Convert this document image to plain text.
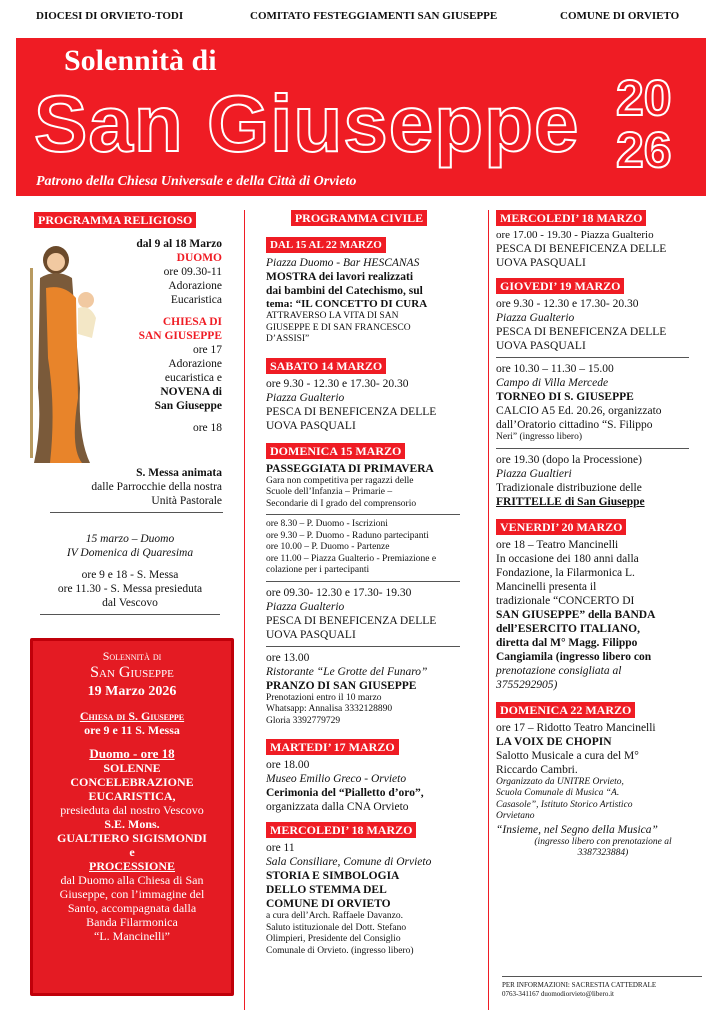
DIOCESI DI ORVIETO-TODI	COMITATO FESTEGGIAMENTI SAN GIUSEPPE	COMUNE DI ORVIETO
Solennità di
San Giuseppe 20
26
Patrono della Chiesa Universale e della Città di Orvieto
PROGRAMMA RELIGIOSO
dal 9 al 18 Marzo
DUOMO
ore 09.30-11
Adorazione
Eucaristica
CHIESA DI
SAN GIUSEPPE
ore 17
Adorazione
eucaristica e
NOVENA di
San Giuseppe
ore 18
S. Messa animata
dalle Parrocchie della nostra
Unità Pastorale
15 marzo – Duomo
IV Domenica di Quaresima
ore 9 e 18 - S. Messa
ore 11.30 - S. Messa presieduta
dal Vescovo
Solennità di
San Giuseppe
19 Marzo 2026
Chiesa di S. Giuseppe
ore 9 e 11 S. Messa
Duomo - ore 18
SOLENNE
CONCELEBRAZIONE
EUCARISTICA,
presieduta dal nostro Vescovo
S.E. Mons.
GUALTIERO SIGISMONDI
e
PROCESSIONE
dal Duomo alla Chiesa di San
Giuseppe, con l’immagine del
Santo, accompagnata dalla
Banda Filarmonica
“L. Mancinelli”
PROGRAMMA CIVILE
DAL 15 AL 22 MARZO
Piazza Duomo - Bar HESCANAS
MOSTRA dei lavori realizzati
dai bambini del Catechismo, sul
tema: “IL CONCETTO DI CURA
ATTRAVERSO LA VITA DI SAN
GIUSEPPE E DI SAN FRANCESCO
D’ASSISI”
SABATO 14 MARZO
ore 9.30 - 12.30 e 17.30- 20.30
Piazza Gualterio
PESCA DI BENEFICENZA DELLE
UOVA PASQUALI
DOMENICA 15 MARZO
PASSEGGIATA DI PRIMAVERA
Gara non competitiva per ragazzi delle
Scuole dell’Infanzia – Primarie –
Secondarie di I grado del comprensorio
ore 8.30 – P. Duomo - Iscrizioni
ore 9.30 – P. Duomo - Raduno partecipanti
ore 10.00 – P. Duomo - Partenze
ore 11.00 – Piazza Gualterio - Premiazione e
colazione per i partecipanti
ore 09.30- 12.30 e 17.30- 19.30
Piazza Gualterio
PESCA DI BENEFICENZA DELLE
UOVA PASQUALI
ore 13.00
Ristorante “Le Grotte del Funaro”
PRANZO DI SAN GIUSEPPE
Prenotazioni entro il 10 marzo
Whatsapp: Annalisa 3332128890
Gloria 3392779729
MARTEDI’ 17 MARZO
ore 18.00
Museo Emilio Greco - Orvieto
Cerimonia del “Pialletto d’oro”,
organizzata dalla CNA Orvieto
MERCOLEDI’ 18 MARZO
ore 11
Sala Consiliare, Comune di Orvieto
STORIA E SIMBOLOGIA
DELLO STEMMA DEL
COMUNE DI ORVIETO
a cura dell’Arch. Raffaele Davanzo.
Saluto istituzionale del Dott. Stefano
Olimpieri, Presidente del Consiglio
Comunale di Orvieto. (ingresso libero)
MERCOLEDI’ 18 MARZO
ore 17.00 - 19.30 - Piazza Gualterio
PESCA DI BENEFICENZA DELLE
UOVA PASQUALI
GIOVEDI’ 19 MARZO
ore 9.30 - 12.30 e 17.30- 20.30
Piazza Gualterio
PESCA DI BENEFICENZA DELLE
UOVA PASQUALI
ore 10.30 – 11.30 – 15.00
Campo di Villa Mercede
TORNEO DI S. GIUSEPPE
CALCIO A5 Ed. 20.26, organizzato
dall’Oratorio cittadino “S. Filippo
Neri” (ingresso libero)
ore 19.30 (dopo la Processione)
Piazza Gualtieri
Tradizionale distribuzione delle
FRITTELLE di San Giuseppe
VENERDI’ 20 MARZO
ore 18 – Teatro Mancinelli
In occasione dei 180 anni dalla
Fondazione, la Filarmonica L.
Mancinelli presenta il
tradizionale “CONCERTO DI
SAN GIUSEPPE” della BANDA
dell’ESERCITO ITALIANO,
diretta dal M° Magg. Filippo
Cangiamila (ingresso libero con
prenotazione consigliata al
3755292905)
DOMENICA 22 MARZO
ore 17 – Ridotto Teatro Mancinelli
LA VOIX DE CHOPIN
Salotto Musicale a cura del M°
Riccardo Cambri.
Organizzato da UNITRE Orvieto,
Scuola Comunale di Musica “A.
Casasole”, Istituto Storico Artistico
Orvietano
“Insieme, nel Segno della Musica”
(ingresso libero con prenotazione al
3387323884)
PER INFORMAZIONI: SACRESTIA CATTEDRALE
0763-341167 duomodiorvieto@libero.it
